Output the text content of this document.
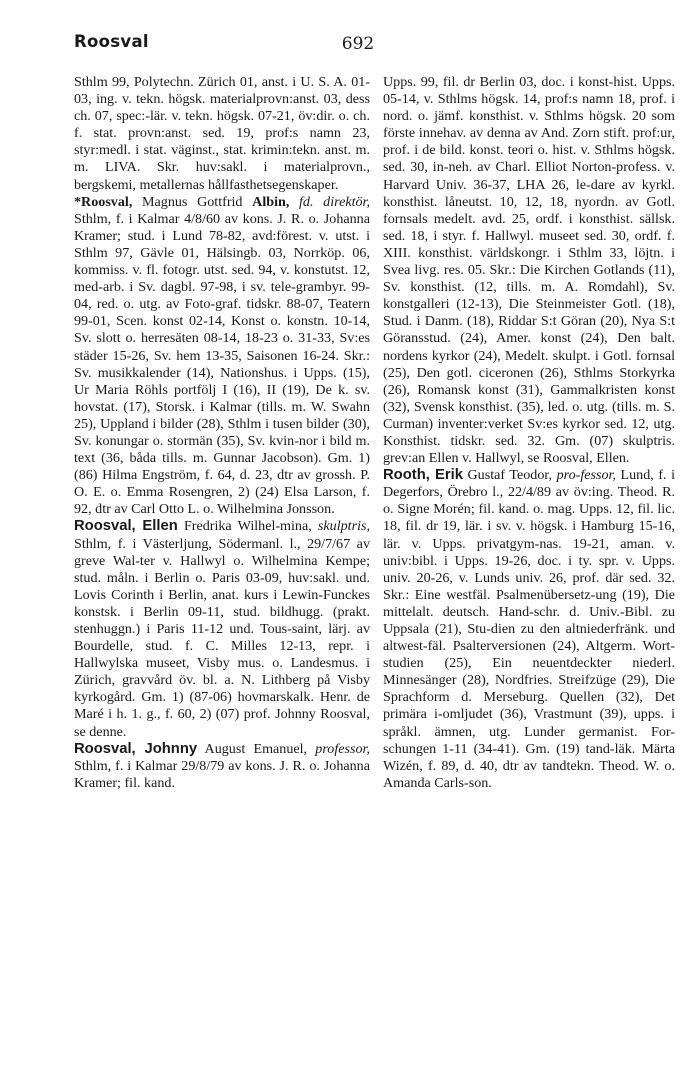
Roosval	692

Sthlm 99, Polytechn. Zürich 01, anst. i U. S. A. 01-03, ing. v. tekn. högsk. materialprovn:anst. 03, dess ch. 07, spec:-lär. v. tekn. högsk. 07-21, öv:dir. o. ch. f. stat. provn:anst. sed. 19, prof:s namn 23, styr:medl. i stat. väginst., stat. krimin:tekn. anst. m. m. LIVA. Skr. huv:sakl. i materialprovn., bergskemi, metallernas hållfasthetsegenskaper.

*Roosval, Magnus Gottfrid Albin, fd. direktör, Sthlm, f. i Kalmar 4/8/60 av kons. J. R. o. Johanna Kramer; stud. i Lund 78-82, avd:förest. v. utst. i Sthlm 97, Gävle 01, Hälsingb. 03, Norrköp. 06, kommiss. v. fl. fotogr. utst. sed. 94, v. konstutst. 12, med-arb. i Sv. dagbl. 97-98, i sv. tele-grambyr. 99-04, red. o. utg. av Foto-graf. tidskr. 88-07, Teatern 99-01, Scen. konst 02-14, Konst o. konstn. 10-14, Sv. slott o. herresäten 08-14, 18-23 o. 31-33, Sv:es städer 15-26, Sv. hem 13-35, Saisonen 16-24. Skr.: Sv. musikkalender (14), Nationshus. i Upps. (15), Ur Maria Röhls portfölj I (16), II (19), De k. sv. hovstat. (17), Storsk. i Kalmar (tills. m. W. Swahn 25), Uppland i bilder (28), Sthlm i tusen bilder (30), Sv. konungar o. stormän (35), Sv. kvin-nor i bild m. text (36, båda tills. m. Gunnar Jacobson). Gm. 1) (86) Hilma Engström, f. 64, d. 23, dtr av grossh. P. O. E. o. Emma Rosengren, 2) (24) Elsa Larson, f. 92, dtr av Carl Otto L. o. Wilhelmina Jonsson.

Roosval, Ellen Fredrika Wilhel-mina, skulptris, Sthlm, f. i Västerljung, Södermanl. l., 29/7/67 av greve Wal-ter v. Hallwyl o. Wilhelmina Kempe; stud. måln. i Berlin o. Paris 03-09, huv:sakl. und. Lovis Corinth i Berlin, anat. kurs i Lewin-Funckes konstsk. i Berlin 09-11, stud. bildhugg. (prakt. stenhuggn.) i Paris 11-12 und. Tous-saint, lärj. av Bourdelle, stud. f. C. Milles 12-13, repr. i Hallwylska museet, Visby mus. o. Landesmus. i Zürich, gravvård öv. bl. a. N. Lithberg på Visby kyrkogård. Gm. 1) (87-06) hovmarskalk. Henr. de Maré i h. 1. g., f. 60, 2) (07) prof. Johnny Roosval, se denne.

Roosval, Johnny August Emanuel, professor, Sthlm, f. i Kalmar 29/8/79 av kons. J. R. o. Johanna Kramer; fil. kand.

Upps. 99, fil. dr Berlin 03, doc. i konst-hist. Upps. 05-14, v. Sthlms högsk. 14, prof:s namn 18, prof. i nord. o. jämf. konsthist. v. Sthlms högsk. 20 som förste innehav. av denna av And. Zorn stift. prof:ur, prof. i de bild. konst. teori o. hist. v. Sthlms högsk. sed. 30, in-neh. av Charl. Elliot Norton-profess. v. Harvard Univ. 36-37, LHA 26, le-dare av kyrkl. konsthist. låneutst. 10, 12, 18, nyordn. av Gotl. fornsals medelt. avd. 25, ordf. i konsthist. sällsk. sed. 18, i styr. f. Hallwyl. museet sed. 30, ordf. f. XIII. konsthist. världskongr. i Sthlm 33, löjtn. i Svea livg. res. 05. Skr.: Die Kirchen Gotlands (11), Sv. konsthist. (12, tills. m. A. Romdahl), Sv. konstgalleri (12-13), Die Steinmeister Gotl. (18), Stud. i Danm. (18), Riddar S:t Göran (20), Nya S:t Göransstud. (24), Amer. konst (24), Den balt. nordens kyrkor (24), Medelt. skulpt. i Gotl. fornsal (25), Den gotl. ciceronen (26), Sthlms Storkyrka (26), Romansk konst (31), Gammalkristen konst (32), Svensk konsthist. (35), led. o. utg. (tills. m. S. Curman) inventer:verket Sv:es kyrkor sed. 12, utg. Konsthist. tidskr. sed. 32. Gm. (07) skulptris. grev:an Ellen v. Hallwyl, se Roosval, Ellen.

Rooth, Erik Gustaf Teodor, pro-fessor, Lund, f. i Degerfors, Örebro l., 22/4/89 av öv:ing. Theod. R. o. Signe Morén; fil. kand. o. mag. Upps. 12, fil. lic. 18, fil. dr 19, lär. i sv. v. högsk. i Hamburg 15-16, lär. v. Upps. privatgym-nas. 19-21, aman. v. univ:bibl. i Upps. 19-26, doc. i ty. spr. v. Upps. univ. 20-26, v. Lunds univ. 26, prof. där sed. 32. Skr.: Eine westfäl. Psalmenübersetz-ung (19), Die mittelalt. deutsch. Hand-schr. d. Univ.-Bibl. zu Uppsala (21), Stu-dien zu den altniederfränk. und altwest-fäl. Psalterversionen (24), Altgerm. Wort-studien (25), Ein neuentdeckter niederl. Minnesänger (28), Nordfries. Streifzüge (29), Die Sprachform d. Merseburg. Quellen (32), Det primära i-omljudet (36), Vrastmunt (39), upps. i språkl. ämnen, utg. Lunder germanist. For-schungen 1-11 (34-41). Gm. (19) tand-läk. Märta Wizén, f. 89, d. 40, dtr av tandtekn. Theod. W. o. Amanda Carls-son.
